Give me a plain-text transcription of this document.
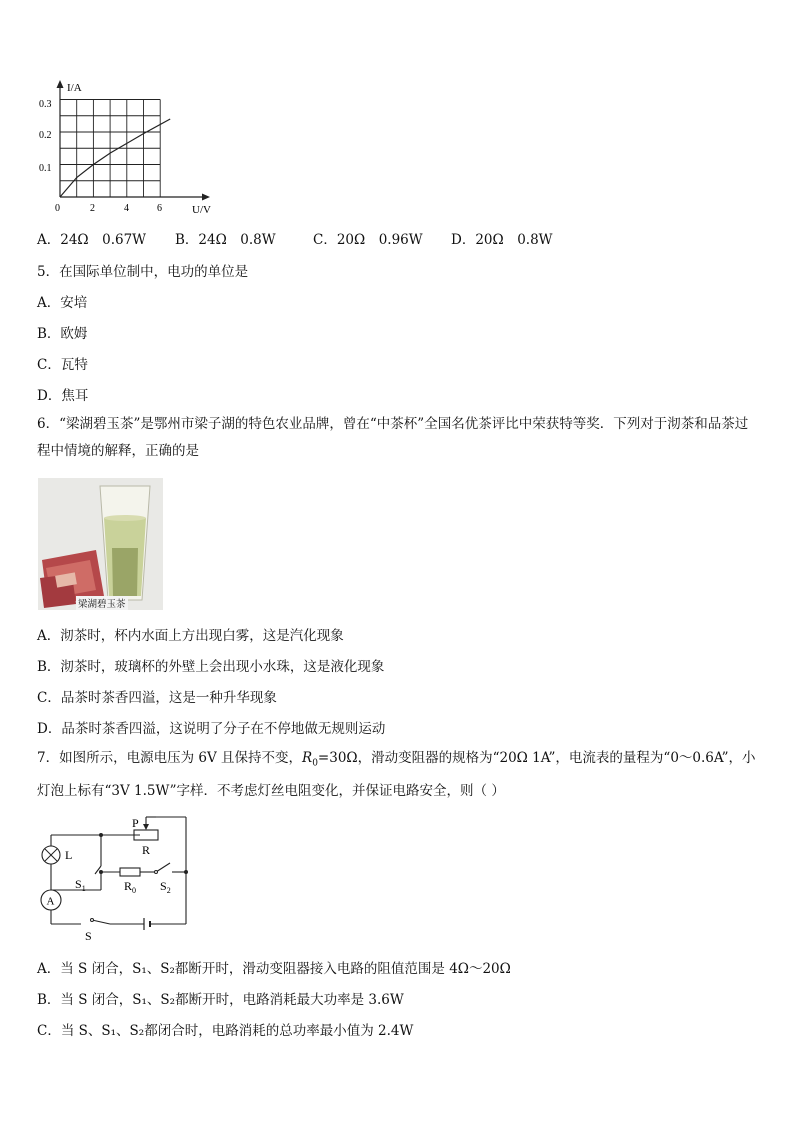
I/A
U/V
0.3
0.2
0.1
0	2	4	6
A．24Ω　0.67W B．24Ω　0.8W	C．20Ω　0.96W D．20Ω　0.8W
5．在国际单位制中，电功的单位是
A．安培
B．欧姆
C．瓦特
D．焦耳
6．“梁湖碧玉茶”是鄂州市梁子湖的特色农业品牌，曾在“中茶杯”全国名优茶评比中荣获特等奖．下列对于沏茶和品茶过程中情境的解释，正确的是
梁湖碧玉茶
A．沏茶时，杯内水面上方出现白雾，这是汽化现象
B．沏茶时，玻璃杯的外壁上会出现小水珠，这是液化现象
C．品茶时茶香四溢，这是一种升华现象
D．品茶时茶香四溢，这说明了分子在不停地做无规则运动
7．如图所示，电源电压为 6V 且保持不变，$R_0=30\Omega$，滑动变阻器的规格为“20Ω 1A”，电流表的量程为“0～0.6A”，小灯泡上标有“3V 1.5W”字样．不考虑灯丝电阻变化，并保证电路安全，则（ ）
P
R
L
A
$S_1$	$R_0$ $S_2$
S
A．当 S 闭合，S₁、S₂都断开时，滑动变阻器接入电路的阻值范围是 4Ω～20Ω
B．当 S 闭合，S₁、S₂都断开时，电路消耗最大功率是 3.6W
C．当 S、S₁、S₂都闭合时，电路消耗的总功率最小值为 2.4W
